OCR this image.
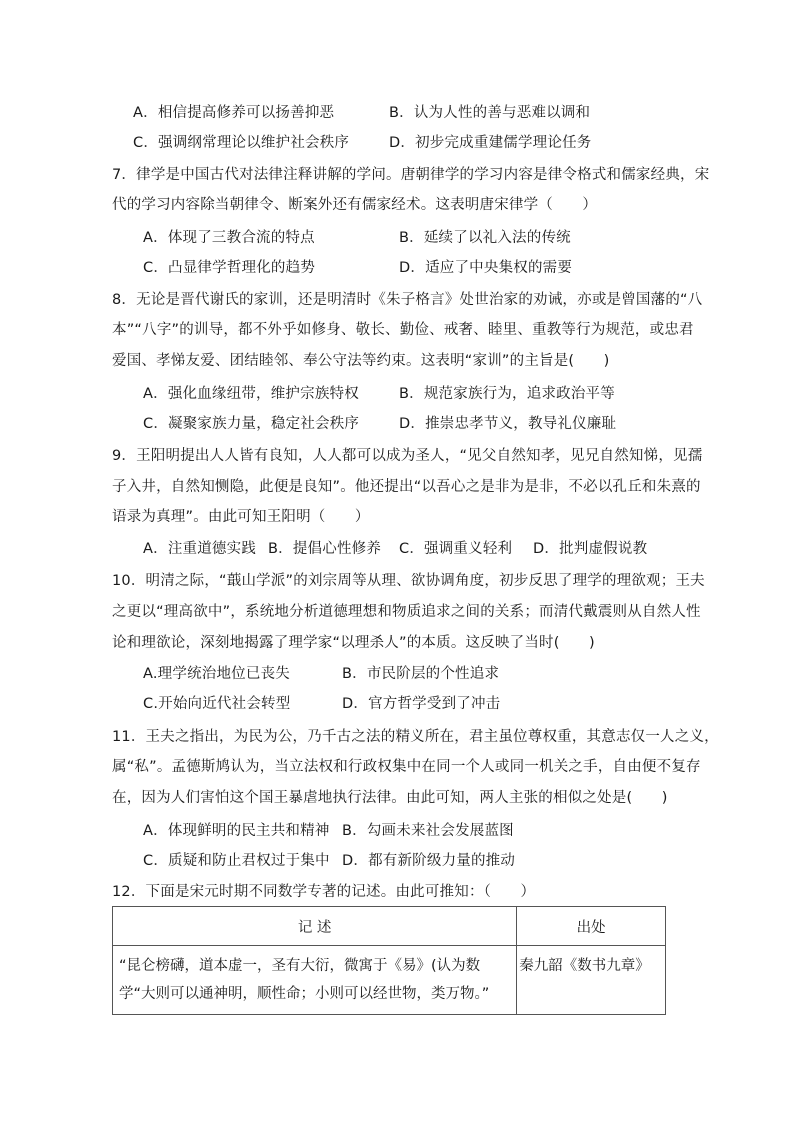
A．相信提高修养可以扬善抑恶	B．认为人性的善与恶难以调和
C．强调纲常理论以维护社会秩序	D．初步完成重建儒学理论任务
7．律学是中国古代对法律注释讲解的学问。唐朝律学的学习内容是律令格式和儒家经典，宋
代的学习内容除当朝律令、断案外还有儒家经术。这表明唐宋律学（　　）
A．体现了三教合流的特点	B．延续了以礼入法的传统
C．凸显律学哲理化的趋势	D．适应了中央集权的需要
8．无论是晋代谢氏的家训，还是明清时《朱子格言》处世治家的劝诫，亦或是曾国藩的“八
本”“八字”的训导，都不外乎如修身、敬长、勤俭、戒奢、睦里、重教等行为规范，或忠君
爱国、孝悌友爱、团结睦邻、奉公守法等约束。这表明“家训”的主旨是(　　)
A．强化血缘纽带，维护宗族特权	B．规范家族行为，追求政治平等
C．凝聚家族力量，稳定社会秩序	D．推崇忠孝节义，教导礼仪廉耻
9．王阳明提出人人皆有良知，人人都可以成为圣人，“见父自然知孝，见兄自然知悌，见孺
子入井，自然知恻隐，此便是良知”。他还提出“以吾心之是非为是非，不必以孔丘和朱熹的
语录为真理”。由此可知王阳明（　　）
A．注重道德实践 B．提倡心性修养 C．强调重义轻利 D．批判虚假说教
10．明清之际，“蕺山学派”的刘宗周等从理、欲协调角度，初步反思了理学的理欲观；王夫
之更以“理高欲中”，系统地分析道德理想和物质追求之间的关系；而清代戴震则从自然人性
论和理欲论，深刻地揭露了理学家“以理杀人”的本质。这反映了当时(　　)
A.理学统治地位已丧失	B．市民阶层的个性追求
C.开始向近代社会转型	D．官方哲学受到了冲击
11．王夫之指出，为民为公，乃千古之法的精义所在，君主虽位尊权重，其意志仅一人之义，
属“私”。孟德斯鸠认为，当立法权和行政权集中在同一个人或同一机关之手，自由便不复存
在，因为人们害怕这个国王暴虐地执行法律。由此可知，两人主张的相似之处是(　　)
A．体现鲜明的民主共和精神 B．勾画未来社会发展蓝图
C．质疑和防止君权过于集中 D．都有新阶级力量的推动
12．下面是宋元时期不同数学专著的记述。由此可推知：（　　）
记 述	出处
“昆仑榜礴，道本虚一，圣有大衍，微寓于《易》(认为数学“大则可以通神明，顺性命；小则可以经世物，类万物。”	秦九韶《数书九章》
